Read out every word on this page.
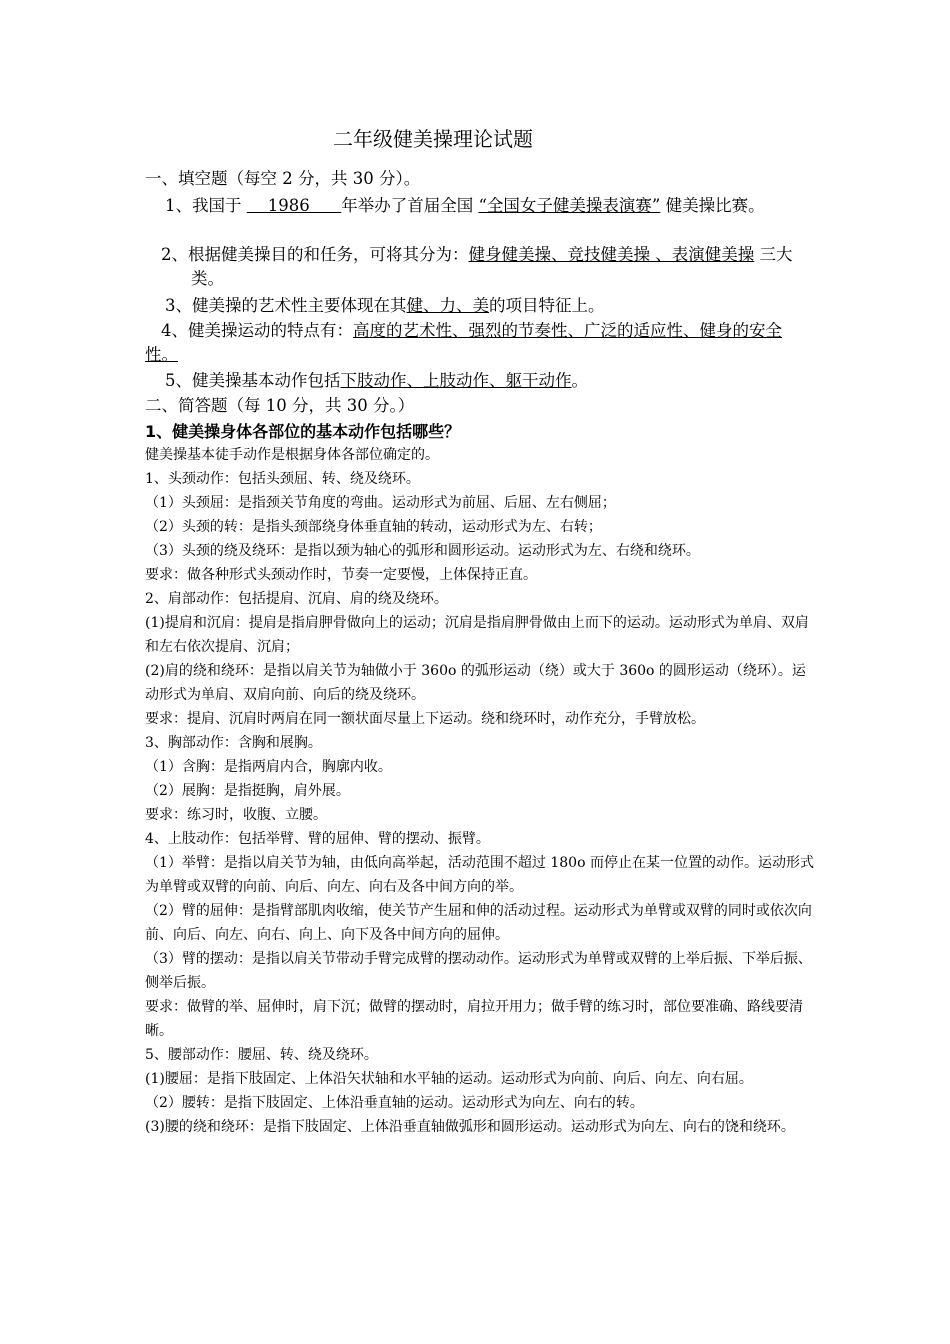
二年级健美操理论试题
一、填空题（每空 2 分，共 30 分）。
1、我国于     1986      年举办了首届全国 “全国女子健美操表演赛” 健美操比赛。
2、根据健美操目的和任务，可将其分为：健身健美操、竞技健美操 、表演健美操 三大类。
3、健美操的艺术性主要体现在其健、力、美的项目特征上。
4、健美操运动的特点有：高度的艺术性、强烈的节奏性、广泛的适应性、健身的安全性。
5、健美操基本动作包括下肢动作、上肢动作、躯干动作。
二、简答题（每 10 分，共 30 分。）
1、健美操身体各部位的基本动作包括哪些？
健美操基本徒手动作是根据身体各部位确定的。
1、头颈动作：包括头颈屈、转、绕及绕环。
（1）头颈屈：是指颈关节角度的弯曲。运动形式为前屈、后屈、左右侧屈；
（2）头颈的转：是指头颈部绕身体垂直轴的转动，运动形式为左、右转；
（3）头颈的绕及绕环：是指以颈为轴心的弧形和圆形运动。运动形式为左、右绕和绕环。
要求：做各种形式头颈动作时，节奏一定要慢，上体保持正直。
2、肩部动作：包括提肩、沉肩、肩的绕及绕环。
(1)提肩和沉肩：提肩是指肩胛骨做向上的运动；沉肩是指肩胛骨做由上而下的运动。运动形式为单肩、双肩和左右依次提肩、沉肩；
(2)肩的绕和绕环：是指以肩关节为轴做小于 360o 的弧形运动（绕）或大于 360o 的圆形运动（绕环）。运动形式为单肩、双肩向前、向后的绕及绕环。
要求：提肩、沉肩时两肩在同一额状面尽量上下运动。绕和绕环时，动作充分，手臂放松。
3、胸部动作：含胸和展胸。
（1）含胸：是指两肩内合，胸廓内收。
（2）展胸：是指挺胸，肩外展。
要求：练习时，收腹、立腰。
4、上肢动作：包括举臂、臂的屈伸、臂的摆动、振臂。
（1）举臂：是指以肩关节为轴，由低向高举起，活动范围不超过 180o 而停止在某一位置的动作。运动形式为单臂或双臂的向前、向后、向左、向右及各中间方向的举。
（2）臂的屈伸：是指臂部肌肉收缩，使关节产生屈和伸的活动过程。运动形式为单臂或双臂的同时或依次向前、向后、向左、向右、向上、向下及各中间方向的屈伸。
（3）臂的摆动：是指以肩关节带动手臂完成臂的摆动动作。运动形式为单臂或双臂的上举后振、下举后振、侧举后振。
要求：做臂的举、屈伸时，肩下沉；做臂的摆动时，肩拉开用力；做手臂的练习时，部位要准确、路线要清晰。
5、腰部动作：腰屈、转、绕及绕环。
(1)腰屈：是指下肢固定、上体沿矢状轴和水平轴的运动。运动形式为向前、向后、向左、向右屈。
（2）腰转：是指下肢固定、上体沿垂直轴的运动。运动形式为向左、向右的转。
(3)腰的绕和绕环：是指下肢固定、上体沿垂直轴做弧形和圆形运动。运动形式为向左、向右的饶和绕环。
